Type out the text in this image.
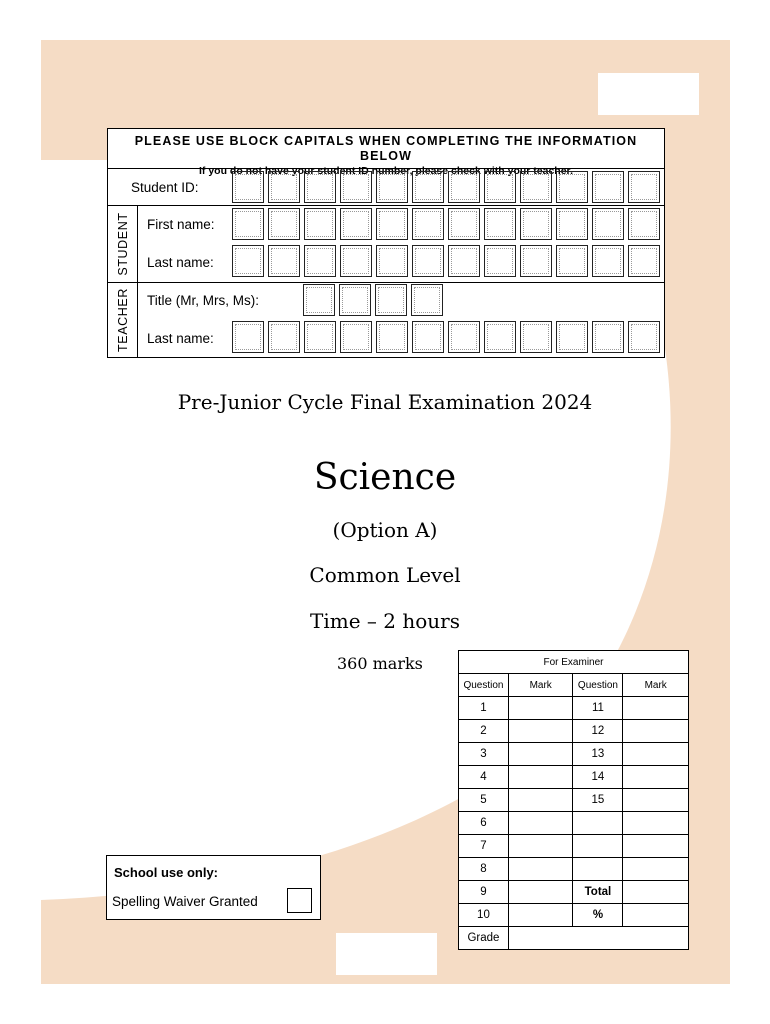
PLEASE USE BLOCK CAPITALS WHEN COMPLETING THE INFORMATION BELOW
If you do not have your student ID number, please check with your teacher.
Student ID:
STUDENT First name:
Last name:
TEACHER Title (Mr, Mrs, Ms):
Last name:
Pre-Junior Cycle Final Examination 2024
Science
(Option A)
Common Level
Time – 2 hours
360 marks	For Examiner			
Question	Mark	Question	Mark
1		11	
2		12	
3		13	
4		14	
5		15	
6			
7			
8			
9		Total	
10		%	
Grade			
School use only:
Spelling Waiver Granted
